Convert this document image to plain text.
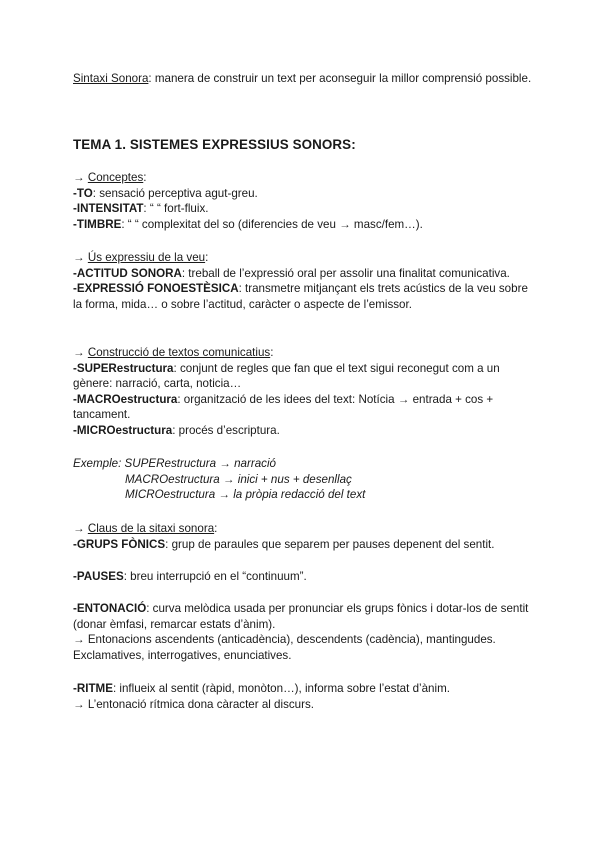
Sintaxi Sonora: manera de construir un text per aconseguir la millor comprensió possible.
TEMA 1. SISTEMES EXPRESSIUS SONORS:
→ Conceptes:
-TO: sensació perceptiva agut-greu.
-INTENSITAT: “ “ fort-fluix.
-TIMBRE: “ “ complexitat del so (diferencies de veu → masc/fem…).
→ Ús expressiu de la veu:
-ACTITUD SONORA: treball de l’expressió oral per assolir una finalitat comunicativa.
-EXPRESSIÓ FONOESTÈSICA: transmetre mitjançant els trets acústics de la veu sobre la forma, mida… o sobre l’actitud, caràcter o aspecte de l’emissor.
→ Construcció de textos comunicatius:
-SUPERestructura: conjunt de regles que fan que el text sigui reconegut com a un gènere: narració, carta, noticia…
-MACROestructura: organització de les idees del text: Notícia → entrada + cos + tancament.
-MICROestructura: procés d’escriptura.
Exemple: SUPERestructura → narració
MACROestructura → inici + nus + desenllaç
MICROestructura → la pròpia redacció del text
→ Claus de la sitaxi sonora:
-GRUPS FÒNICS: grup de paraules que separem per pauses depenent del sentit.
-PAUSES: breu interrupció en el “continuum”.
-ENTONACIÓ: curva melòdica usada per pronunciar els grups fònics i dotar-los de sentit (donar èmfasi, remarcar estats d’ànim).
→ Entonacions ascendents (anticadència), descendents (cadència), mantingudes. Exclamatives, interrogatives, enunciatives.
-RITME: influeix al sentit (ràpid, monòton…), informa sobre l’estat d’ànim.
→ L’entonació rítmica dona càracter al discurs.
